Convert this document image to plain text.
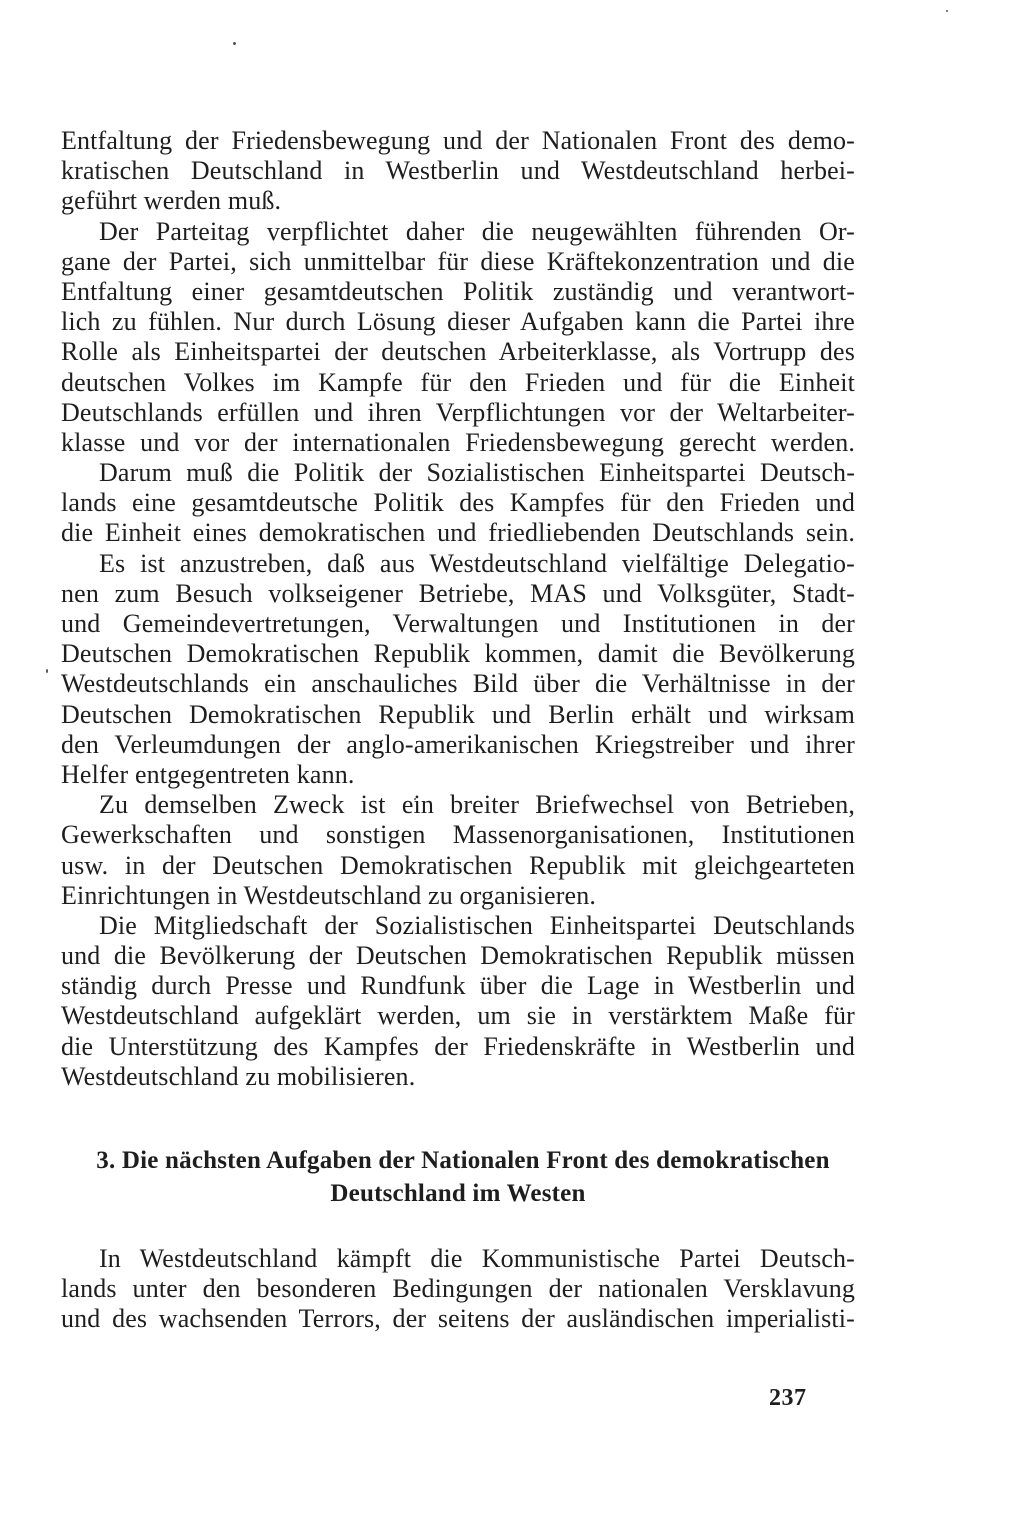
Entfaltung der Friedensbewegung und der Nationalen Front des demo-
kratischen Deutschland in Westberlin und Westdeutschland herbei-
geführt werden muß.
Der Parteitag verpflichtet daher die neugewählten führenden Or-
gane der Partei, sich unmittelbar für diese Kräftekonzentration und die
Entfaltung einer gesamtdeutschen Politik zuständig und verantwort-
lich zu fühlen. Nur durch Lösung dieser Aufgaben kann die Partei ihre
Rolle als Einheitspartei der deutschen Arbeiterklasse, als Vortrupp des
deutschen Volkes im Kampfe für den Frieden und für die Einheit
Deutschlands erfüllen und ihren Verpflichtungen vor der Weltarbeiter-
klasse und vor der internationalen Friedensbewegung gerecht werden.
Darum muß die Politik der Sozialistischen Einheitspartei Deutsch-
lands eine gesamtdeutsche Politik des Kampfes für den Frieden und
die Einheit eines demokratischen und friedliebenden Deutschlands sein.
Es ist anzustreben, daß aus Westdeutschland vielfältige Delegatio-
nen zum Besuch volkseigener Betriebe, MAS und Volksgüter, Stadt-
und Gemeindevertretungen, Verwaltungen und Institutionen in der
Deutschen Demokratischen Republik kommen, damit die Bevölkerung
Westdeutschlands ein anschauliches Bild über die Verhältnisse in der
Deutschen Demokratischen Republik und Berlin erhält und wirksam
den Verleumdungen der anglo-amerikanischen Kriegstreiber und ihrer
Helfer entgegentreten kann.
Zu demselben Zweck ist ein breiter Briefwechsel von Betrieben,
Gewerkschaften und sonstigen Massenorganisationen, Institutionen
usw. in der Deutschen Demokratischen Republik mit gleichgearteten
Einrichtungen in Westdeutschland zu organisieren.
Die Mitgliedschaft der Sozialistischen Einheitspartei Deutschlands
und die Bevölkerung der Deutschen Demokratischen Republik müssen
ständig durch Presse und Rundfunk über die Lage in Westberlin und
Westdeutschland aufgeklärt werden, um sie in verstärktem Maße für
die Unterstützung des Kampfes der Friedenskräfte in Westberlin und
Westdeutschland zu mobilisieren.
3. Die nächsten Aufgaben der Nationalen Front des demokratischen
Deutschland im Westen
In Westdeutschland kämpft die Kommunistische Partei Deutsch-
lands unter den besonderen Bedingungen der nationalen Versklavung
und des wachsenden Terrors, der seitens der ausländischen imperialisti-
237
